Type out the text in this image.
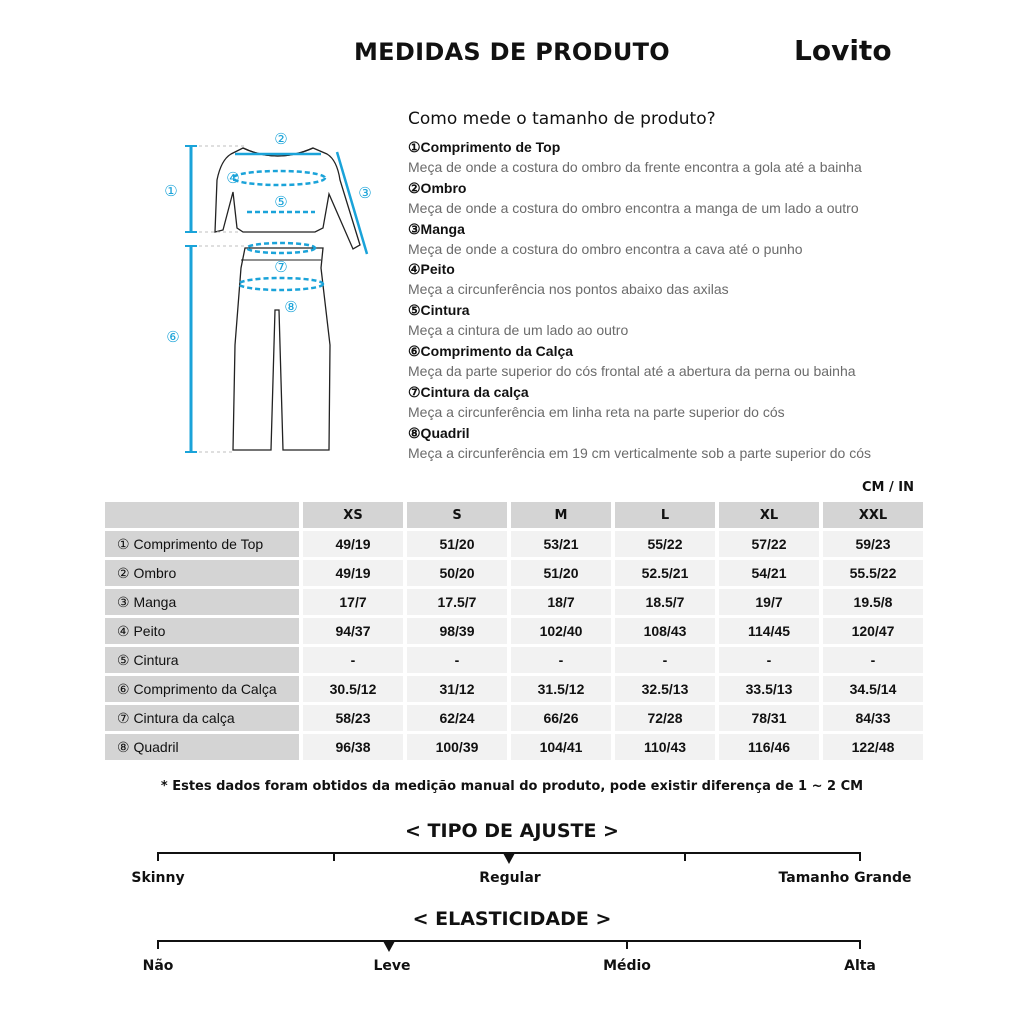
MEDIDAS DE PRODUTO	Lovito
①
②
③
④
⑤
⑥
⑦
⑧
Como mede o tamanho de produto?
①Comprimento de Top
Meça de onde a costura do ombro da frente encontra a gola até a bainha
②Ombro
Meça de onde a costura do ombro encontra a manga de um lado a outro
③Manga
Meça de onde a costura do ombro encontra a cava até o punho
④Peito
Meça a circunferência nos pontos abaixo das axilas
⑤Cintura
Meça a cintura de um lado ao outro
⑥Comprimento da Calça
Meça da parte superior do cós frontal até a abertura da perna ou bainha
⑦Cintura da calça
Meça a circunferência em linha reta na parte superior do cós
⑧Quadril
Meça a circunferência em 19 cm verticalmente sob a parte superior do cós
CM / IN
XS	S	M	L	XL	XXL
① Comprimento de Top	49/19	51/20	53/21	55/22	57/22	59/23
② Ombro	49/19	50/20	51/20	52.5/21	54/21	55.5/22
③ Manga	17/7	17.5/7	18/7	18.5/7	19/7	19.5/8
④ Peito	94/37	98/39	102/40	108/43	114/45	120/47
⑤ Cintura	-	-	-	-	-	-
⑥ Comprimento da Calça	30.5/12	31/12	31.5/12	32.5/13	33.5/13	34.5/14
⑦ Cintura da calça	58/23	62/24	66/26	72/28	78/31	84/33
⑧ Quadril	96/38	100/39	104/41	110/43	116/46	122/48
* Estes dados foram obtidos da medição manual do produto, pode existir diferença de 1 ~ 2 CM
< TIPO DE AJUSTE >
Skinny	Regular	Tamanho Grande
< ELASTICIDADE >
Não	Leve	Médio	Alta
